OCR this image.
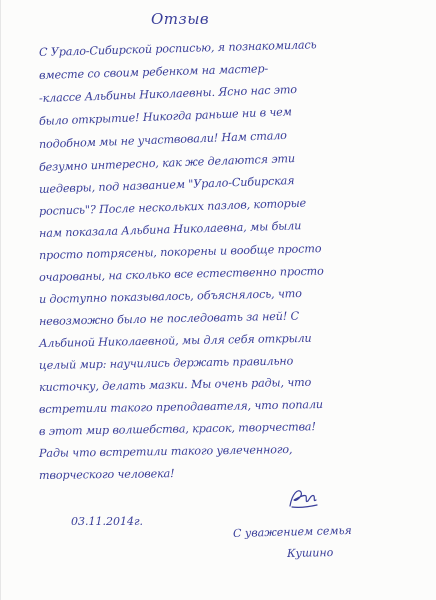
Отзыв

С Урало-Сибирской росписью, я познакомилась

вместе со своим ребенком на мастер-

-классе Альбины Николаевны. Ясно нас это

было открытие! Никогда раньше ни в чем

подобном мы не участвовали! Нам стало

безумно интересно, как же делаются эти

шедевры, под названием "Урало-Сибирская

роспись"? После нескольких пазлов, которые

нам показала Альбина Николаевна, мы были

просто потрясены, покорены и вообще просто

очарованы, на сколько все естественно просто

и доступно показывалось, объяснялось, что

невозможно было не последовать за ней! С

Альбиной Николаевной, мы для себя открыли

целый мир: научились держать правильно

кисточку, делать мазки. Мы очень рады, что

встретили такого преподавателя, что попали

в этот мир волшебства, красок, творчества!

Рады что встретили такого увлеченного,

творческого человека!

03.11.2014г.

С уважением семья

Кушино
